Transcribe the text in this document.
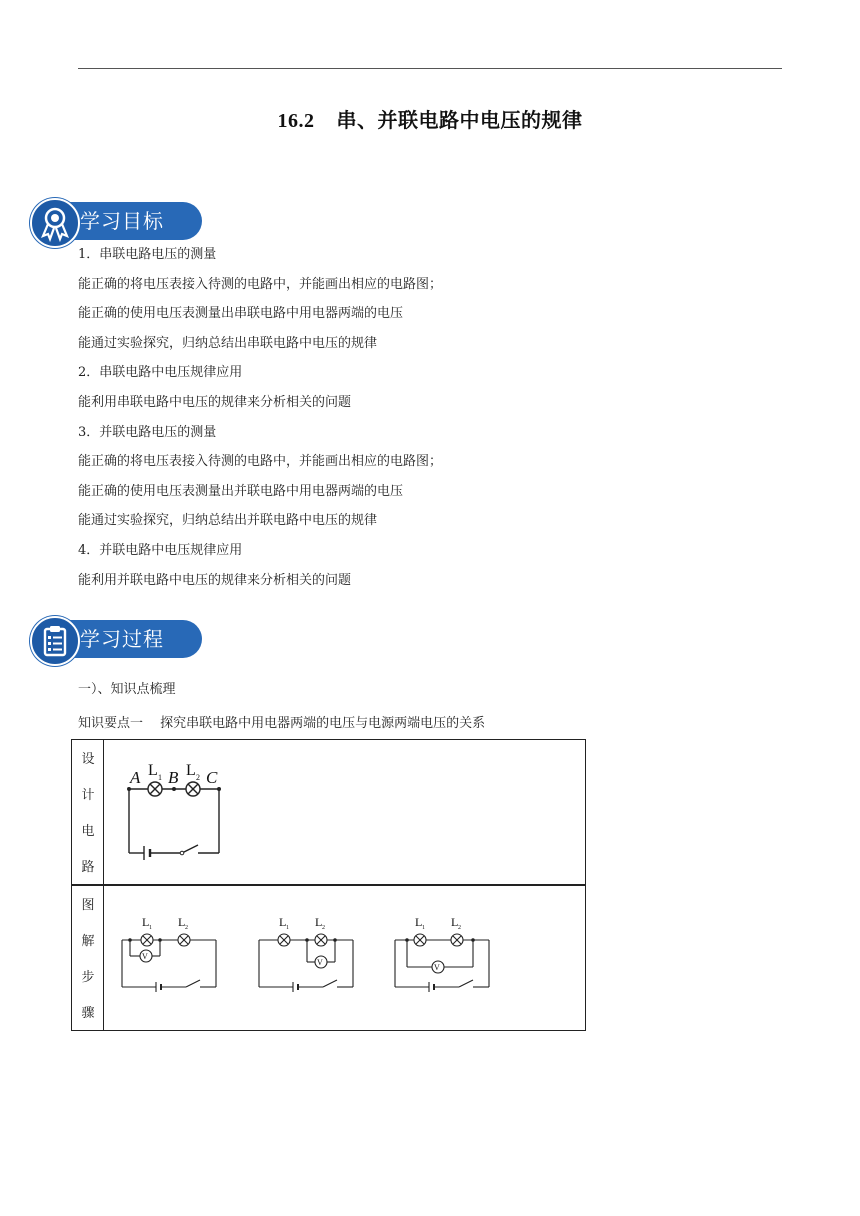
16.2 串、并联电路中电压的规律
学习目标
1．串联电路电压的测量
能正确的将电压表接入待测的电路中，并能画出相应的电路图；
能正确的使用电压表测量出串联电路中用电器两端的电压
能通过实验探究，归纳总结出串联电路中电压的规律
2．串联电路中电压规律应用
能利用串联电路中电压的规律来分析相关的问题
3．并联电路电压的测量
能正确的将电压表接入待测的电路中，并能画出相应的电路图；
能正确的使用电压表测量出并联电路中用电器两端的电压
能通过实验探究，归纳总结出并联电路中电压的规律
4．并联电路中电压规律应用
能利用并联电路中电压的规律来分析相关的问题
学习过程
一）、知识点梳理
知识要点一　 探究串联电路中用电器两端的电压与电源两端电压的关系
设
计
电
路
图
解
步
骤
A L 1 B L 2 C
L 1 L 2
V
L 1 L 2
V
L 1 L 2
V
